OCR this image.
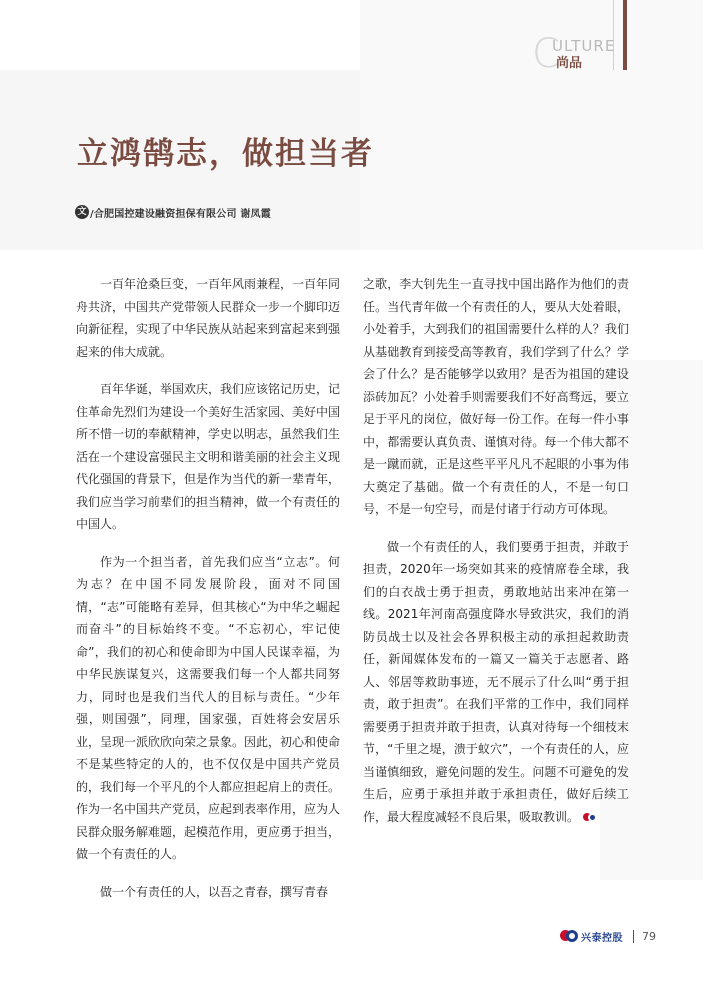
C
ULTURE
尚品
立鸿鹄志，做担当者
文 /合肥国控建设融资担保有限公司 谢凤霞

一百年沧桑巨变，一百年风雨兼程，一百年同舟共济，中国共产党带领人民群众一步一个脚印迈向新征程，实现了中华民族从站起来到富起来到强起来的伟大成就。

百年华诞，举国欢庆，我们应该铭记历史，记住革命先烈们为建设一个美好生活家园、美好中国所不惜一切的奉献精神，学史以明志，虽然我们生活在一个建设富强民主文明和谐美丽的社会主义现代化强国的背景下，但是作为当代的新一辈青年，我们应当学习前辈们的担当精神，做一个有责任的中国人。

作为一个担当者，首先我们应当“立志”。何为志？在中国不同发展阶段，面对不同国情，“志”可能略有差异，但其核心“为中华之崛起而奋斗”的目标始终不变。“不忘初心，牢记使命”，我们的初心和使命即为中国人民谋幸福，为中华民族谋复兴，这需要我们每一个人都共同努力，同时也是我们当代人的目标与责任。“少年强，则国强”，同理，国家强，百姓将会安居乐业，呈现一派欣欣向荣之景象。因此，初心和使命不是某些特定的人的，也不仅仅是中国共产党员的，我们每一个平凡的个人都应担起肩上的责任。作为一名中国共产党员，应起到表率作用，应为人民群众服务解难题，起模范作用，更应勇于担当，做一个有责任的人。

做一个有责任的人，以吾之青春，撰写青春

之歌，李大钊先生一直寻找中国出路作为他们的责任。当代青年做一个有责任的人，要从大处着眼，小处着手，大到我们的祖国需要什么样的人？我们从基础教育到接受高等教育，我们学到了什么？学会了什么？是否能够学以致用？是否为祖国的建设添砖加瓦？小处着手则需要我们不好高骛远，要立足于平凡的岗位，做好每一份工作。在每一件小事中，都需要认真负责、谨慎对待。每一个伟大都不是一蹴而就，正是这些平平凡凡不起眼的小事为伟大奠定了基础。做一个有责任的人，不是一句口号，不是一句空号，而是付诸于行动方可体现。

做一个有责任的人，我们要勇于担责，并敢于担责，2020年一场突如其来的疫情席卷全球，我们的白衣战士勇于担责，勇敢地站出来冲在第一线。2021年河南高强度降水导致洪灾，我们的消防员战士以及社会各界积极主动的承担起救助责任，新闻媒体发布的一篇又一篇关于志愿者、路人、邻居等救助事迹，无不展示了什么叫“勇于担责，敢于担责”。在我们平常的工作中，我们同样需要勇于担责并敢于担责，认真对待每一个细枝末节，“千里之堤，溃于蚁穴”，一个有责任的人，应当谨慎细致，避免问题的发生。问题不可避免的发生后，应勇于承担并敢于承担责任，做好后续工作，最大程度减轻不良后果，吸取教训。

兴泰控股 79
